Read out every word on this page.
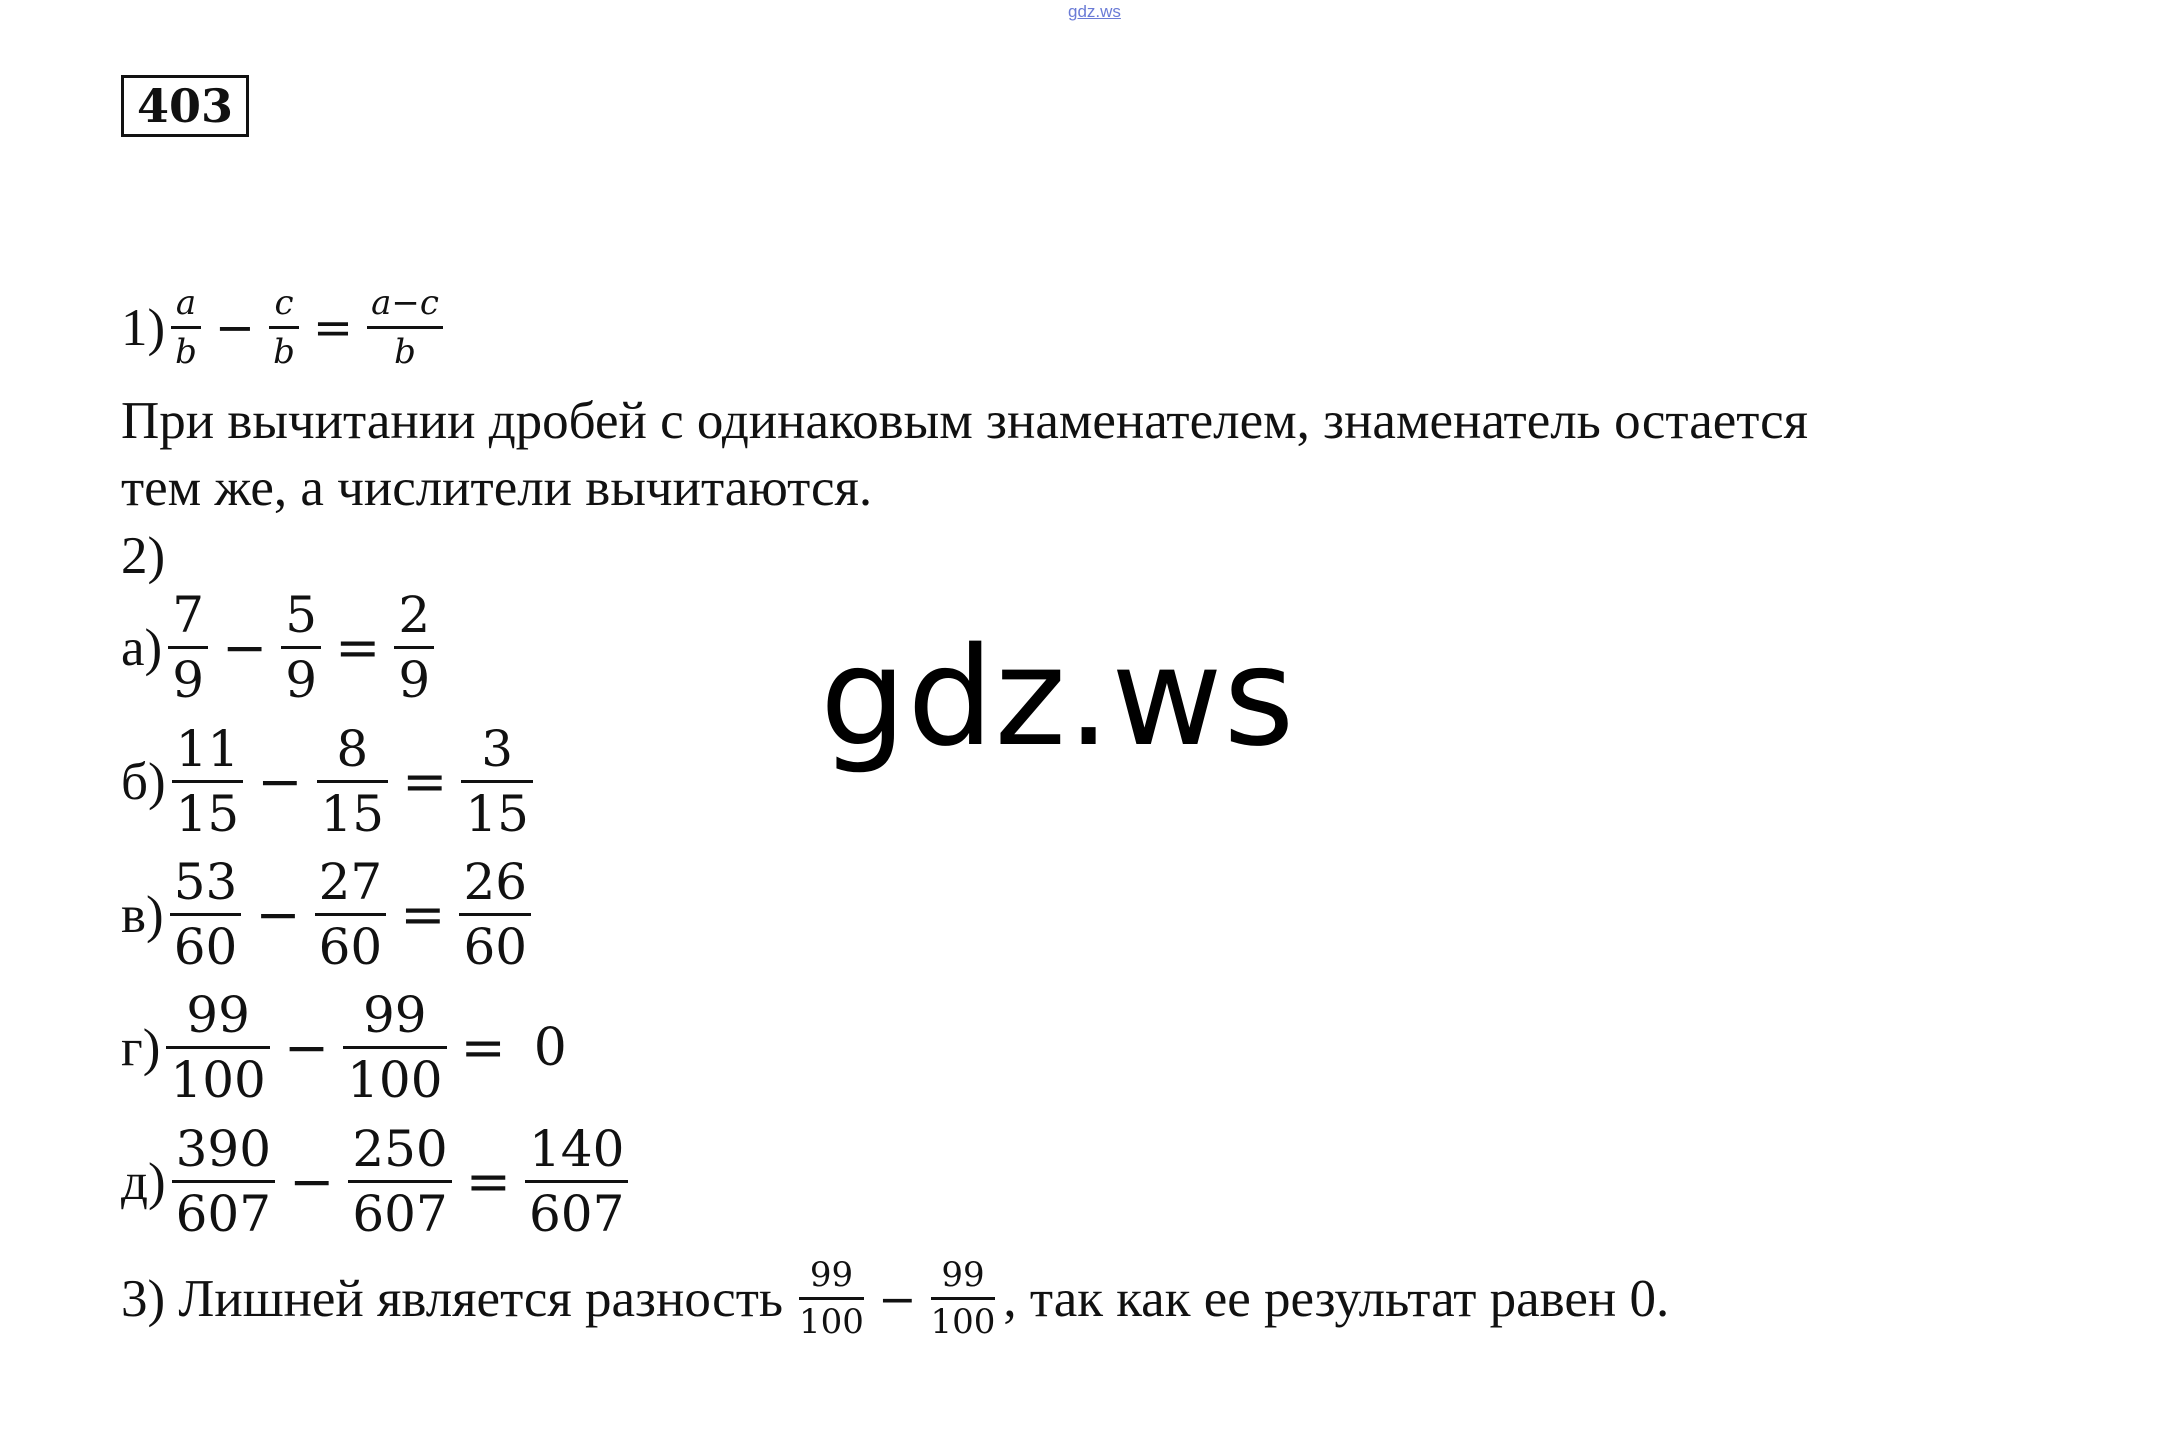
gdz.ws
403
$1) \frac{a}{b} - \frac{c}{b} = \frac{a-c}{b}$
При вычитании дробей с одинаковым знаменателем, знаменатель остается
тем же, а числители вычитаются.
2)
$а) \frac{7}{9} - \frac{5}{9} = \frac{2}{9}$
$б) \frac{11}{15} - \frac{8}{15} = \frac{3}{15}$
$в) \frac{53}{60} - \frac{27}{60} = \frac{26}{60}$
$г) \frac{99}{100} - \frac{99}{100} = 0$
$д) \frac{390}{607} - \frac{250}{607} = \frac{140}{607}$
3) Лишней является разность $\frac{99}{100} - \frac{99}{100}$ , так как ее результат равен 0.
gdz.ws
